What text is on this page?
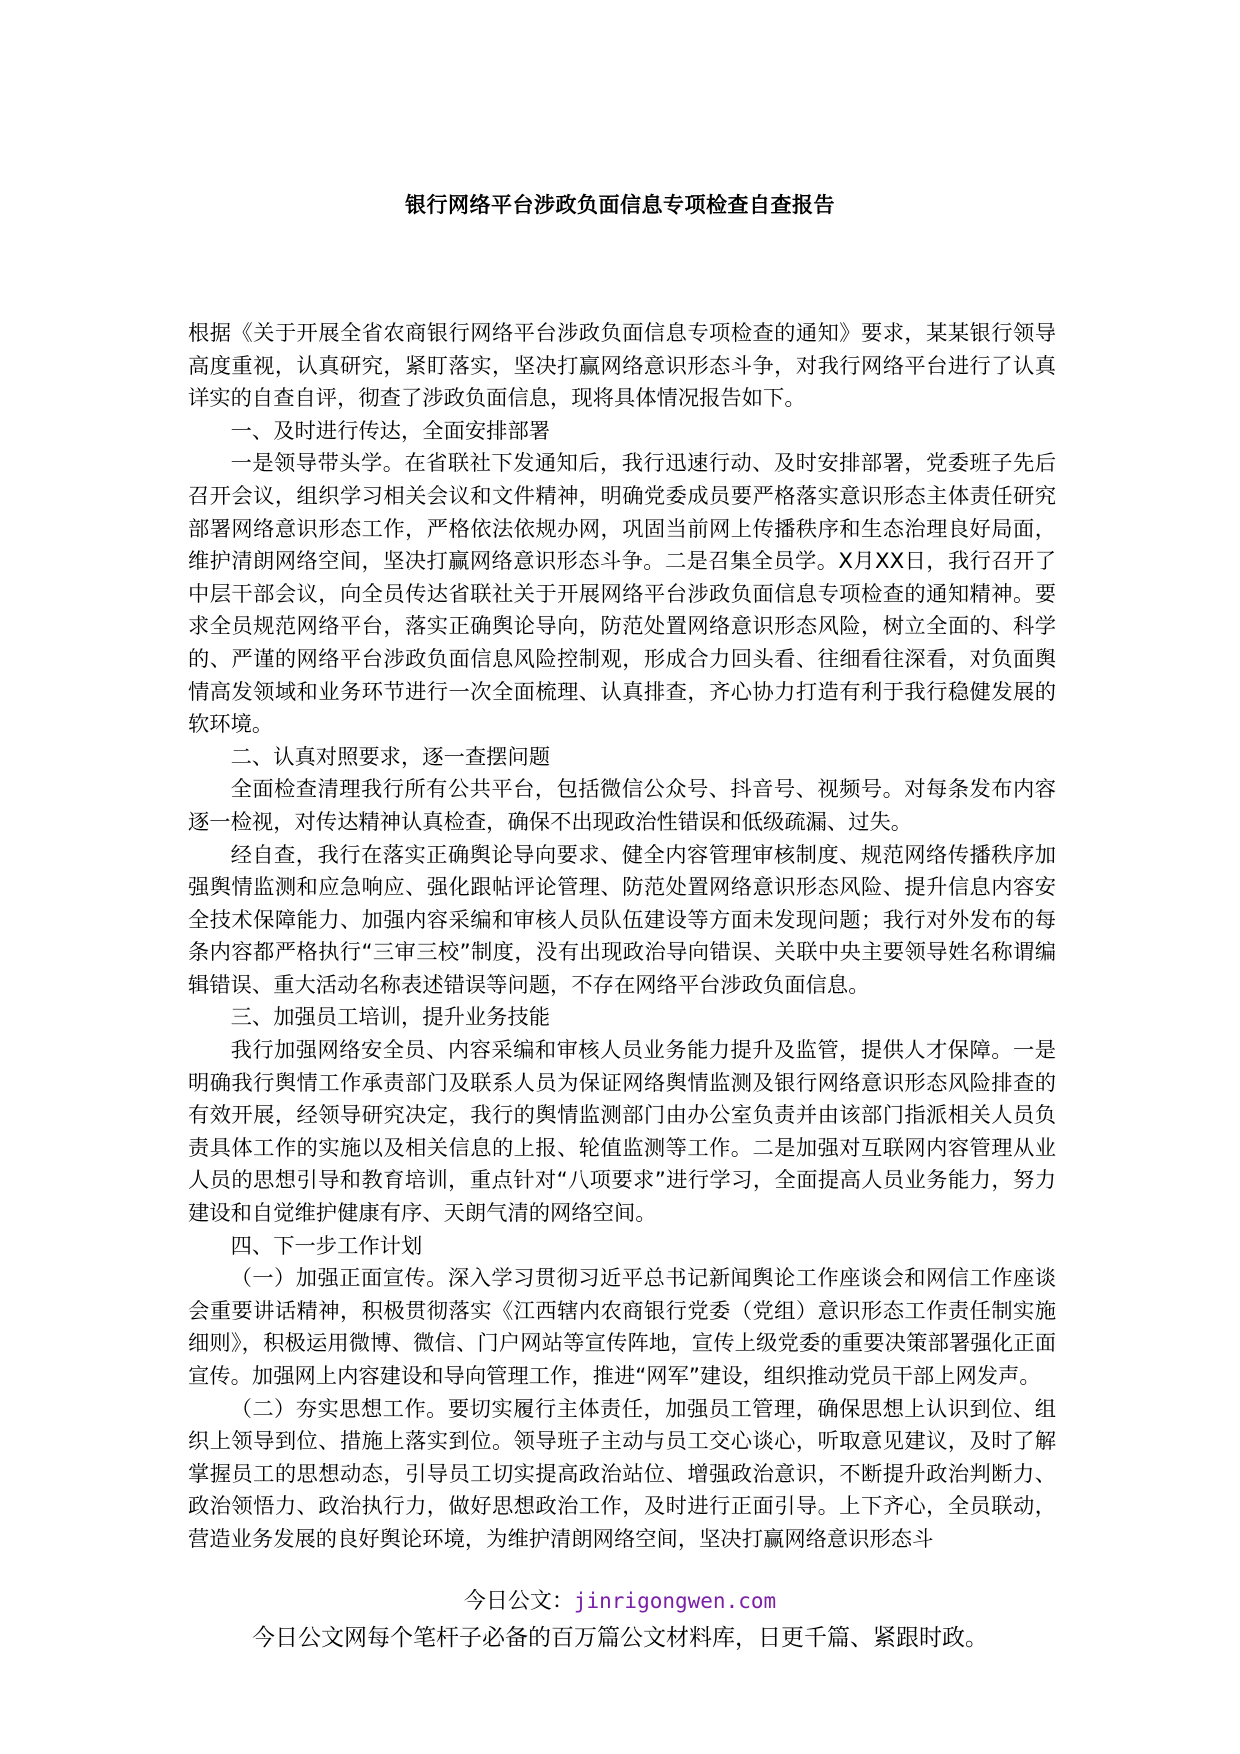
银行网络平台涉政负面信息专项检查自查报告

根据《关于开展全省农商银行网络平台涉政负面信息专项检查的通知》要求，某某银行领导高度重视，认真研究，紧盯落实，坚决打赢网络意识形态斗争，对我行网络平台进行了认真详实的自查自评，彻查了涉政负面信息，现将具体情况报告如下。

一、及时进行传达，全面安排部署

一是领导带头学。在省联社下发通知后，我行迅速行动、及时安排部署，党委班子先后召开会议，组织学习相关会议和文件精神，明确党委成员要严格落实意识形态主体责任研究部署网络意识形态工作，严格依法依规办网，巩固当前网上传播秩序和生态治理良好局面，维护清朗网络空间，坚决打赢网络意识形态斗争。二是召集全员学。X月XX日，我行召开了中层干部会议，向全员传达省联社关于开展网络平台涉政负面信息专项检查的通知精神。要求全员规范网络平台，落实正确舆论导向，防范处置网络意识形态风险，树立全面的、科学的、严谨的网络平台涉政负面信息风险控制观，形成合力回头看、往细看往深看，对负面舆情高发领域和业务环节进行一次全面梳理、认真排查，齐心协力打造有利于我行稳健发展的软环境。

二、认真对照要求，逐一查摆问题

全面检查清理我行所有公共平台，包括微信公众号、抖音号、视频号。对每条发布内容逐一检视，对传达精神认真检查，确保不出现政治性错误和低级疏漏、过失。

经自查，我行在落实正确舆论导向要求、健全内容管理审核制度、规范网络传播秩序加强舆情监测和应急响应、强化跟帖评论管理、防范处置网络意识形态风险、提升信息内容安全技术保障能力、加强内容采编和审核人员队伍建设等方面未发现问题；我行对外发布的每条内容都严格执行“三审三校”制度，没有出现政治导向错误、关联中央主要领导姓名称谓编辑错误、重大活动名称表述错误等问题，不存在网络平台涉政负面信息。

三、加强员工培训，提升业务技能

我行加强网络安全员、内容采编和审核人员业务能力提升及监管，提供人才保障。一是明确我行舆情工作承责部门及联系人员为保证网络舆情监测及银行网络意识形态风险排查的有效开展，经领导研究决定，我行的舆情监测部门由办公室负责并由该部门指派相关人员负责具体工作的实施以及相关信息的上报、轮值监测等工作。二是加强对互联网内容管理从业人员的思想引导和教育培训，重点针对“八项要求”进行学习，全面提高人员业务能力，努力建设和自觉维护健康有序、天朗气清的网络空间。

四、下一步工作计划

（一）加强正面宣传。深入学习贯彻习近平总书记新闻舆论工作座谈会和网信工作座谈会重要讲话精神，积极贯彻落实《江西辖内农商银行党委（党组）意识形态工作责任制实施细则》，积极运用微博、微信、门户网站等宣传阵地，宣传上级党委的重要决策部署强化正面宣传。加强网上内容建设和导向管理工作，推进“网军”建设，组织推动党员干部上网发声。

（二）夯实思想工作。要切实履行主体责任，加强员工管理，确保思想上认识到位、组织上领导到位、措施上落实到位。领导班子主动与员工交心谈心，听取意见建议，及时了解掌握员工的思想动态，引导员工切实提高政治站位、增强政治意识，不断提升政治判断力、政治领悟力、政治执行力，做好思想政治工作，及时进行正面引导。上下齐心，全员联动，营造业务发展的良好舆论环境，为维护清朗网络空间，坚决打赢网络意识形态斗

今日公文：jinrigongwen.com
今日公文网每个笔杆子必备的百万篇公文材料库，日更千篇、紧跟时政。
